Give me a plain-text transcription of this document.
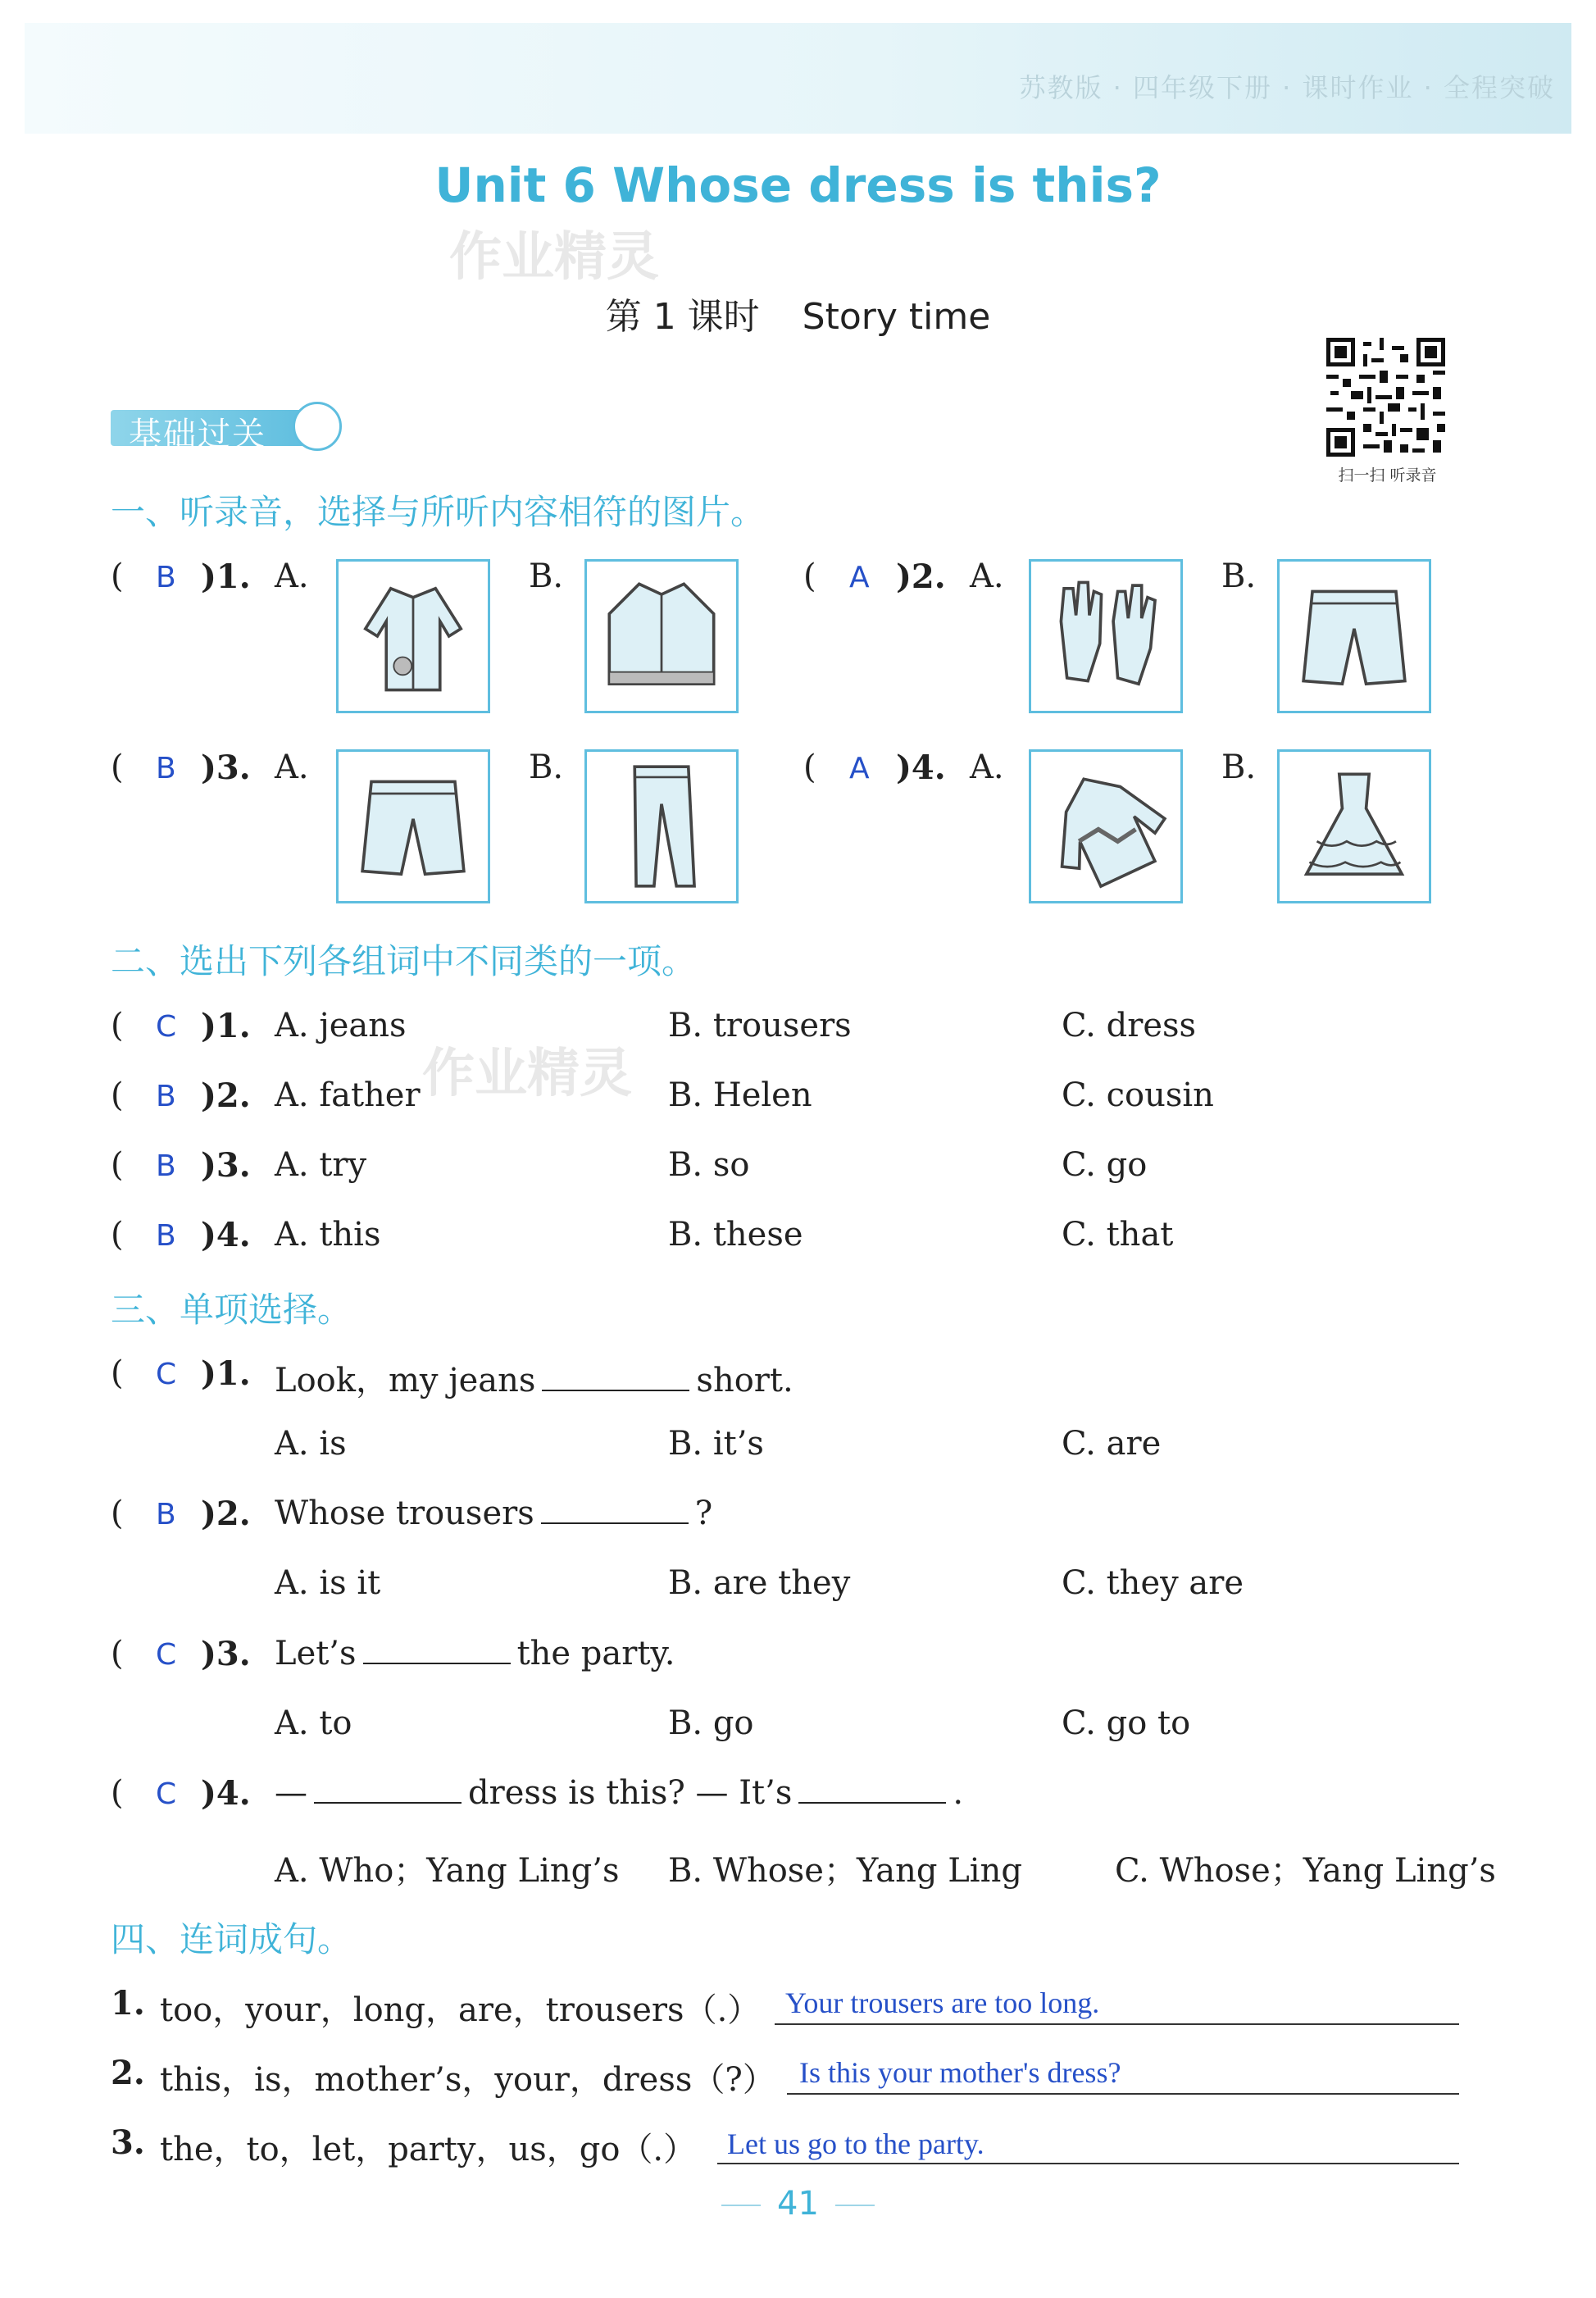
苏教版 · 四年级下册 · 课时作业 · 全程突破
Unit 6 Whose dress is this?
作业精灵
第 1 课时 Story time
扫一扫 听录音
基础过关
一、听录音，选择与所听内容相符的图片。
( B )1. A.	B.	( A )2. A.	B.
( B )3. A.	B.	( A )4. A.	B.
二、选出下列各组词中不同类的一项。
( C )1. A. jeans	B. trousers	C. dress
( B )2. A. father	B. Helen	C. cousin
作业精灵
( B )3. A. try	B. so	C. go
( B )4. A. this	B. these	C. that
三、单项选择。
( C )1. Look，my jeans	short.
A. is	B. it’s	C. are
( B )2. Whose trousers	?
A. is it	B. are they	C. they are
( C )3. Let’s	the party.
A. to	B. go	C. go to
( C )4. —	dress is this? — It’s	.
A. Who；Yang Ling’s B. Whose；Yang Ling	C. Whose；Yang Ling’s
四、连词成句。
1. too，your，long，are，trousers（.） Your trousers are too long.
2. this，is，mother’s，your，dress（?） Is this your mother's dress?
3. the，to，let，party，us，go（.） Let us go to the party.
41
